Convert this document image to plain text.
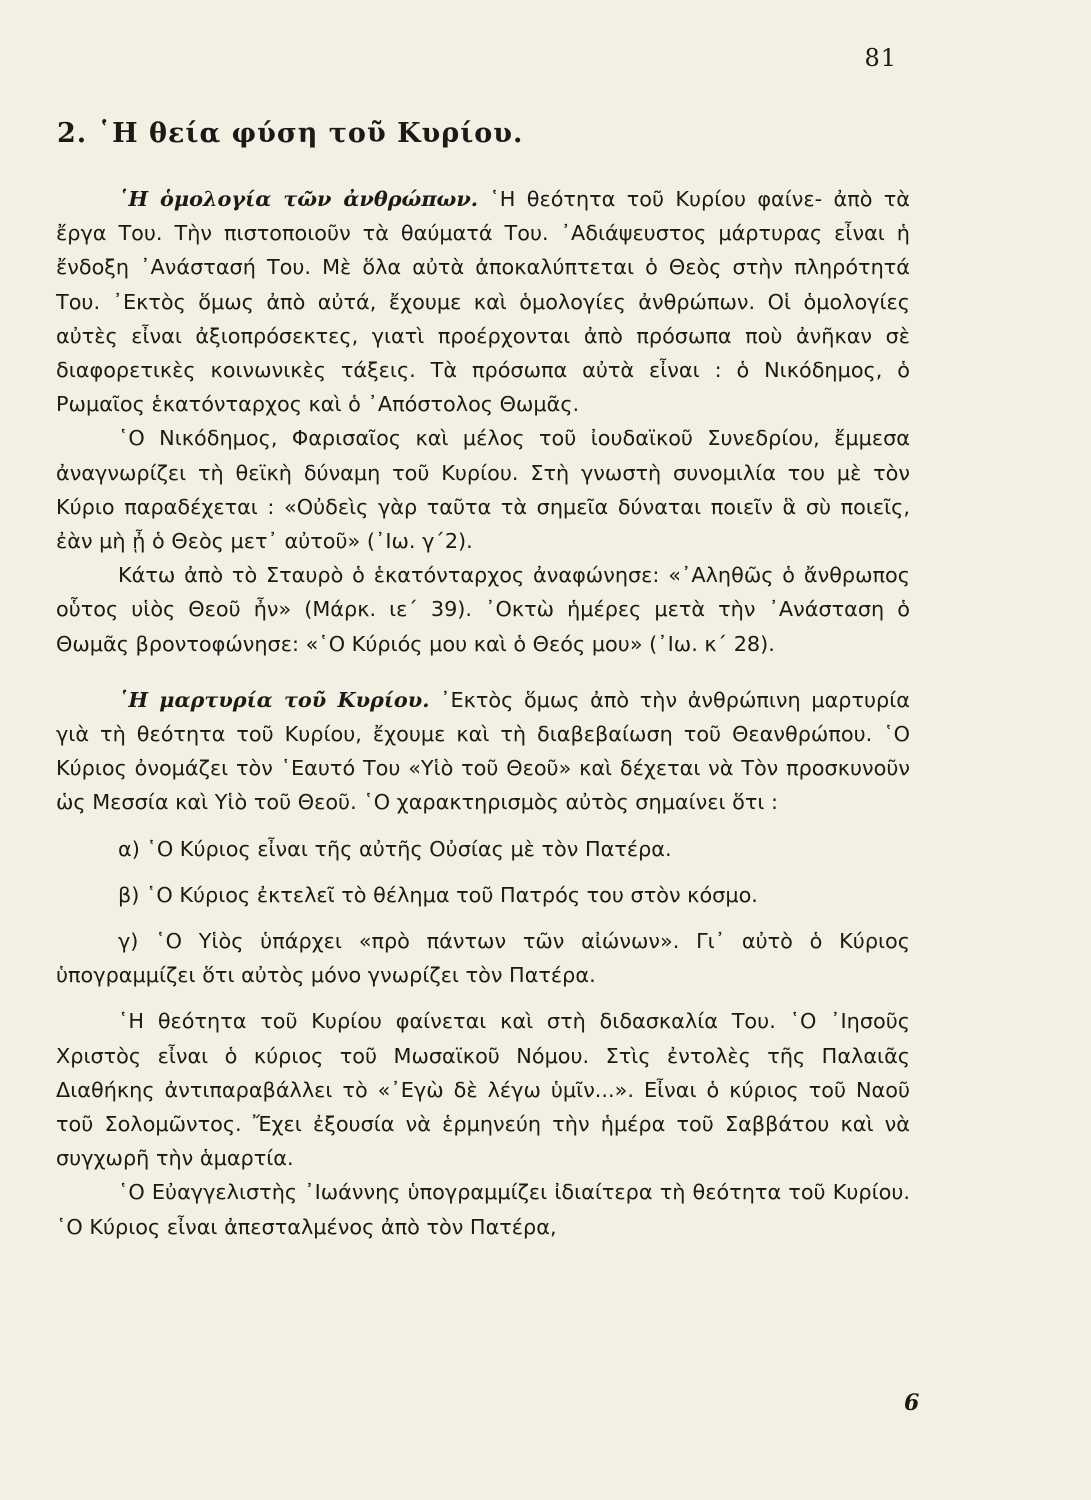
81
2. ῾Η θεία φύση τοῦ Κυρίου.

῾Η ὁμολογία τῶν ἀνθρώπων. ῾Η θεότητα τοῦ Κυρίου φαίνε- ἀπὸ τὰ ἔργα Του. Τὴν πιστοποιοῦν τὰ θαύματά Του. ᾽Αδιάψευστος μάρτυρας εἶναι ἡ ἔνδοξη ᾽Ανάστασή Του. Μὲ ὅλα αὐτὰ ἀποκαλύπτεται ὁ Θεὸς στὴν πληρότητά Του. ᾽Εκτὸς ὅμως ἀπὸ αὐτά, ἔχουμε καὶ ὁμολογίες ἀνθρώπων. Οἱ ὁμολογίες αὐτὲς εἶναι ἀξιοπρόσεκτες, γιατὶ προέρχονται ἀπὸ πρόσωπα ποὺ ἀνῆκαν σὲ διαφορετικὲς κοινωνικὲς τάξεις. Τὰ πρόσωπα αὐτὰ εἶναι : ὁ Νικόδημος, ὁ Ρωμαῖος ἑκατόνταρχος καὶ ὁ ᾽Απόστολος Θωμᾶς.

῾Ο Νικόδημος, Φαρισαῖος καὶ μέλος τοῦ ἰουδαϊκοῦ Συνεδρίου, ἔμμεσα ἀναγνωρίζει τὴ θεϊκὴ δύναμη τοῦ Κυρίου. Στὴ γνωστὴ συνομιλία του μὲ τὸν Κύριο παραδέχεται : «Οὐδεὶς γὰρ ταῦτα τὰ σημεῖα δύναται ποιεῖν ἃ σὺ ποιεῖς, ἐὰν μὴ ᾖ ὁ Θεὸς μετ᾽ αὐτοῦ» (᾽Ιω. γ΄2).

Κάτω ἀπὸ τὸ Σταυρὸ ὁ ἑκατόνταρχος ἀναφώνησε: «᾽Αληθῶς ὁ ἄνθρωπος οὗτος υἱὸς Θεοῦ ἦν» (Μάρκ. ιε΄ 39). ᾽Οκτὼ ἡμέρες μετὰ τὴν ᾽Ανάσταση ὁ Θωμᾶς βροντοφώνησε: «῾Ο Κύριός μου καὶ ὁ Θεός μου» (᾽Ιω. κ΄ 28).

῾Η μαρτυρία τοῦ Κυρίου. ᾽Εκτὸς ὅμως ἀπὸ τὴν ἀνθρώπινη μαρτυρία γιὰ τὴ θεότητα τοῦ Κυρίου, ἔχουμε καὶ τὴ διαβεβαίωση τοῦ Θεανθρώπου. ῾Ο Κύριος ὀνομάζει τὸν ῾Εαυτό Του «Υἱὸ τοῦ Θεοῦ» καὶ δέχεται νὰ Τὸν προσκυνοῦν ὡς Μεσσία καὶ Υἱὸ τοῦ Θεοῦ. ῾Ο χαρακτηρισμὸς αὐτὸς σημαίνει ὅτι :

α) ῾Ο Κύριος εἶναι τῆς αὐτῆς Οὐσίας μὲ τὸν Πατέρα.

β) ῾Ο Κύριος ἐκτελεῖ τὸ θέλημα τοῦ Πατρός του στὸν κόσμο.

γ) ῾Ο Υἱὸς ὑπάρχει «πρὸ πάντων τῶν αἰώνων». Γι᾽ αὐτὸ ὁ Κύριος ὑπογραμμίζει ὅτι αὐτὸς μόνο γνωρίζει τὸν Πατέρα.

῾Η θεότητα τοῦ Κυρίου φαίνεται καὶ στὴ διδασκαλία Του. ῾Ο ᾽Ιησοῦς Χριστὸς εἶναι ὁ κύριος τοῦ Μωσαϊκοῦ Νόμου. Στὶς ἐντολὲς τῆς Παλαιᾶς Διαθήκης ἀντιπαραβάλλει τὸ «᾽Εγὼ δὲ λέγω ὑμῖν...». Εἶναι ὁ κύριος τοῦ Ναοῦ τοῦ Σολομῶντος. Ἔχει ἐξουσία νὰ ἑρμηνεύη τὴν ἡμέρα τοῦ Σαββάτου καὶ νὰ συγχωρῆ τὴν ἁμαρτία.

῾Ο Εὐαγγελιστὴς ᾽Ιωάννης ὑπογραμμίζει ἰδιαίτερα τὴ θεότητα τοῦ Κυρίου. ῾Ο Κύριος εἶναι ἀπεσταλμένος ἀπὸ τὸν Πατέρα,

6
